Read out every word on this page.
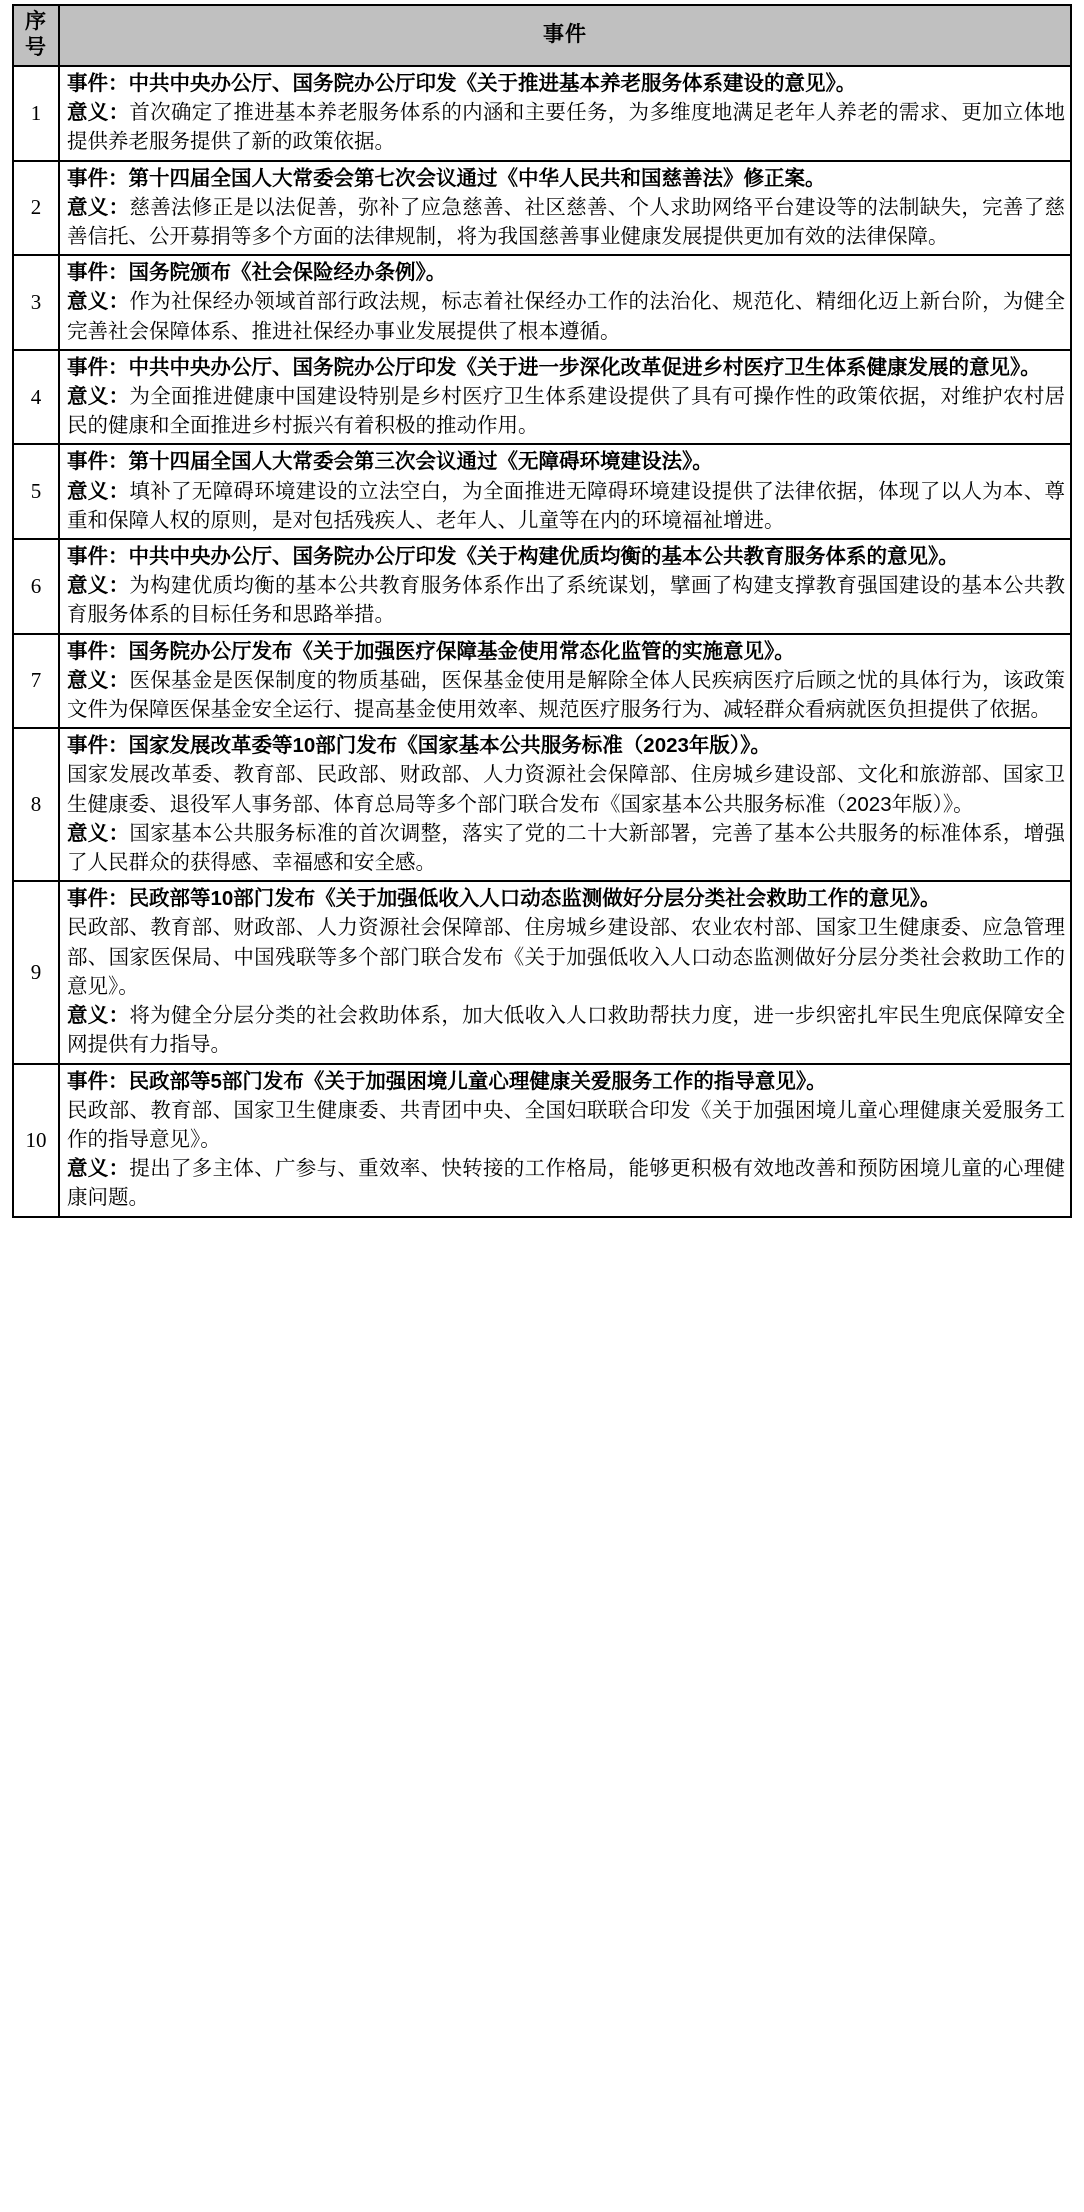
序号	事件
1	事件：中共中央办公厅、国务院办公厅印发《关于推进基本养老服务体系建设的意见》。
意义：首次确定了推进基本养老服务体系的内涵和主要任务，为多维度地满足老年人养老的需求、更加立体地提供养老服务提供了新的政策依据。

2	事件：第十四届全国人大常委会第七次会议通过《中华人民共和国慈善法》修正案。
意义：慈善法修正是以法促善，弥补了应急慈善、社区慈善、个人求助网络平台建设等的法制缺失，完善了慈善信托、公开募捐等多个方面的法律规制，将为我国慈善事业健康发展提供更加有效的法律保障。

3	事件：国务院颁布《社会保险经办条例》。
意义：作为社保经办领域首部行政法规，标志着社保经办工作的法治化、规范化、精细化迈上新台阶，为健全完善社会保障体系、推进社保经办事业发展提供了根本遵循。

4	事件：中共中央办公厅、国务院办公厅印发《关于进一步深化改革促进乡村医疗卫生体系健康发展的意见》。
意义：为全面推进健康中国建设特别是乡村医疗卫生体系建设提供了具有可操作性的政策依据，对维护农村居民的健康和全面推进乡村振兴有着积极的推动作用。

5	事件：第十四届全国人大常委会第三次会议通过《无障碍环境建设法》。
意义：填补了无障碍环境建设的立法空白，为全面推进无障碍环境建设提供了法律依据，体现了以人为本、尊重和保障人权的原则，是对包括残疾人、老年人、儿童等在内的环境福祉增进。

6	事件：中共中央办公厅、国务院办公厅印发《关于构建优质均衡的基本公共教育服务体系的意见》。
意义：为构建优质均衡的基本公共教育服务体系作出了系统谋划，擘画了构建支撑教育强国建设的基本公共教育服务体系的目标任务和思路举措。

7	事件：国务院办公厅发布《关于加强医疗保障基金使用常态化监管的实施意见》。
意义：医保基金是医保制度的物质基础，医保基金使用是解除全体人民疾病医疗后顾之忧的具体行为，该政策文件为保障医保基金安全运行、提高基金使用效率、规范医疗服务行为、减轻群众看病就医负担提供了依据。

8	事件：国家发展改革委等10部门发布《国家基本公共服务标准（2023年版）》。
国家发展改革委、教育部、民政部、财政部、人力资源社会保障部、住房城乡建设部、文化和旅游部、国家卫生健康委、退役军人事务部、体育总局等多个部门联合发布《国家基本公共服务标准（2023年版）》。
意义：国家基本公共服务标准的首次调整，落实了党的二十大新部署，完善了基本公共服务的标准体系，增强了人民群众的获得感、幸福感和安全感。

9	事件：民政部等10部门发布《关于加强低收入人口动态监测做好分层分类社会救助工作的意见》。
民政部、教育部、财政部、人力资源社会保障部、住房城乡建设部、农业农村部、国家卫生健康委、应急管理部、国家医保局、中国残联等多个部门联合发布《关于加强低收入人口动态监测做好分层分类社会救助工作的意见》。
意义：将为健全分层分类的社会救助体系，加大低收入人口救助帮扶力度，进一步织密扎牢民生兜底保障安全网提供有力指导。

10	事件：民政部等5部门发布《关于加强困境儿童心理健康关爱服务工作的指导意见》。
民政部、教育部、国家卫生健康委、共青团中央、全国妇联联合印发《关于加强困境儿童心理健康关爱服务工作的指导意见》。
意义：提出了多主体、广参与、重效率、快转接的工作格局，能够更积极有效地改善和预防困境儿童的心理健康问题。
